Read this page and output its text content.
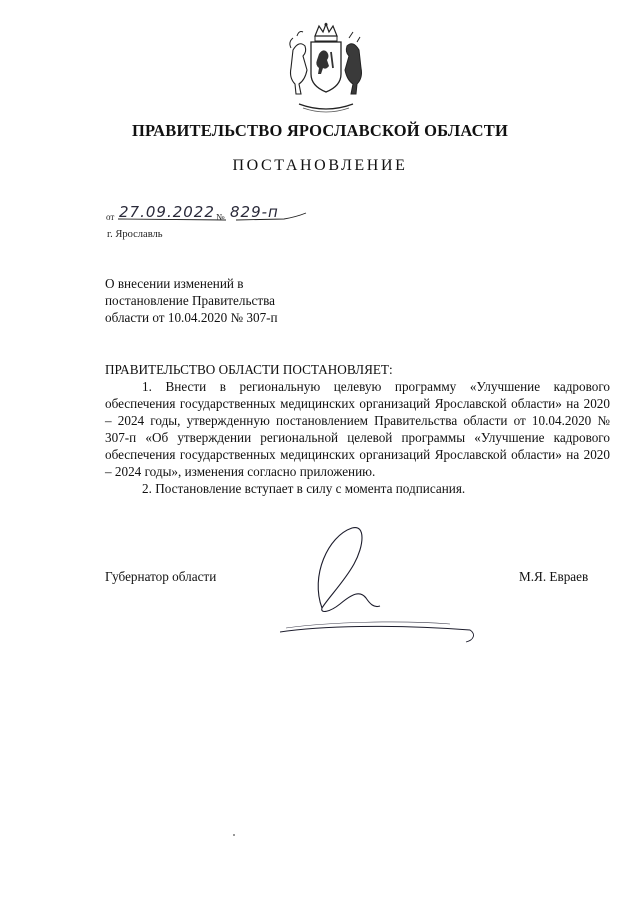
ПРАВИТЕЛЬСТВО ЯРОСЛАВСКОЙ ОБЛАСТИ
ПОСТАНОВЛЕНИЕ
от 27.09.2022 № 829-п
г. Ярославль
О внесении изменений в
постановление Правительства
области от 10.04.2020 № 307-п
ПРАВИТЕЛЬСТВО ОБЛАСТИ ПОСТАНОВЛЯЕТ:

1. Внести в региональную целевую программу «Улучшение кадрового обеспечения государственных медицинских организаций Ярославской области» на 2020 – 2024 годы, утвержденную постановлением Правительства области от 10.04.2020 № 307-п «Об утверждении региональной целевой программы «Улучшение кадрового обеспечения государственных медицинских организаций Ярославской области» на 2020 – 2024 годы», изменения согласно приложению.

2. Постановление вступает в силу с момента подписания.

Губернатор области	М.Я. Евраев
